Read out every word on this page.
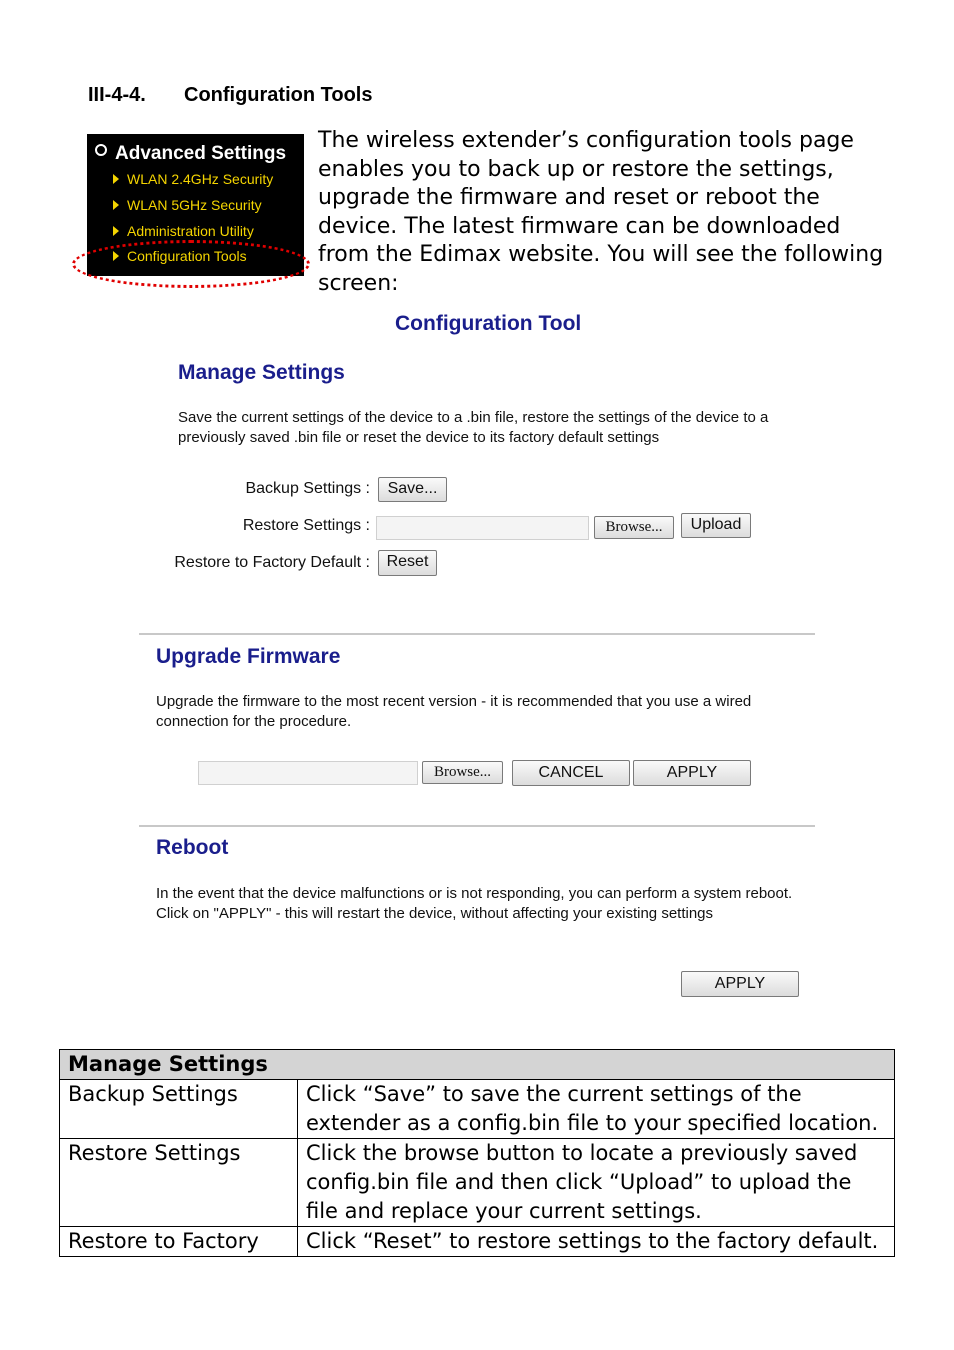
III-4-4. Configuration Tools
Advanced Settings
WLAN 2.4GHz Security
WLAN 5GHz Security
Administration Utility
Configuration Tools
The wireless extender’s configuration tools page enables you to back up or restore the settings, upgrade the firmware and reset or reboot the device. The latest firmware can be downloaded from the Edimax website. You will see the following screen:
Configuration Tool
Manage Settings
Save the current settings of the device to a .bin file, restore the settings of the device to a previously saved .bin file or reset the device to its factory default settings
Backup Settings :	Save...
Restore Settings :	Browse...	Upload
Restore to Factory Default :	Reset
Upgrade Firmware
Upgrade the firmware to the most recent version - it is recommended that you use a wired connection for the procedure.
Browse...	CANCEL	APPLY
Reboot
In the event that the device malfunctions or is not responding, you can perform a system reboot. Click on "APPLY" - this will restart the device, without affecting your existing settings
APPLY
Manage Settings	
Backup Settings	Click “Save” to save the current settings of the extender as a config.bin file to your specified location.
Restore Settings	Click the browse button to locate a previously saved config.bin file and then click “Upload” to upload the file and replace your current settings.
Restore to Factory	Click “Reset” to restore settings to the factory default.
